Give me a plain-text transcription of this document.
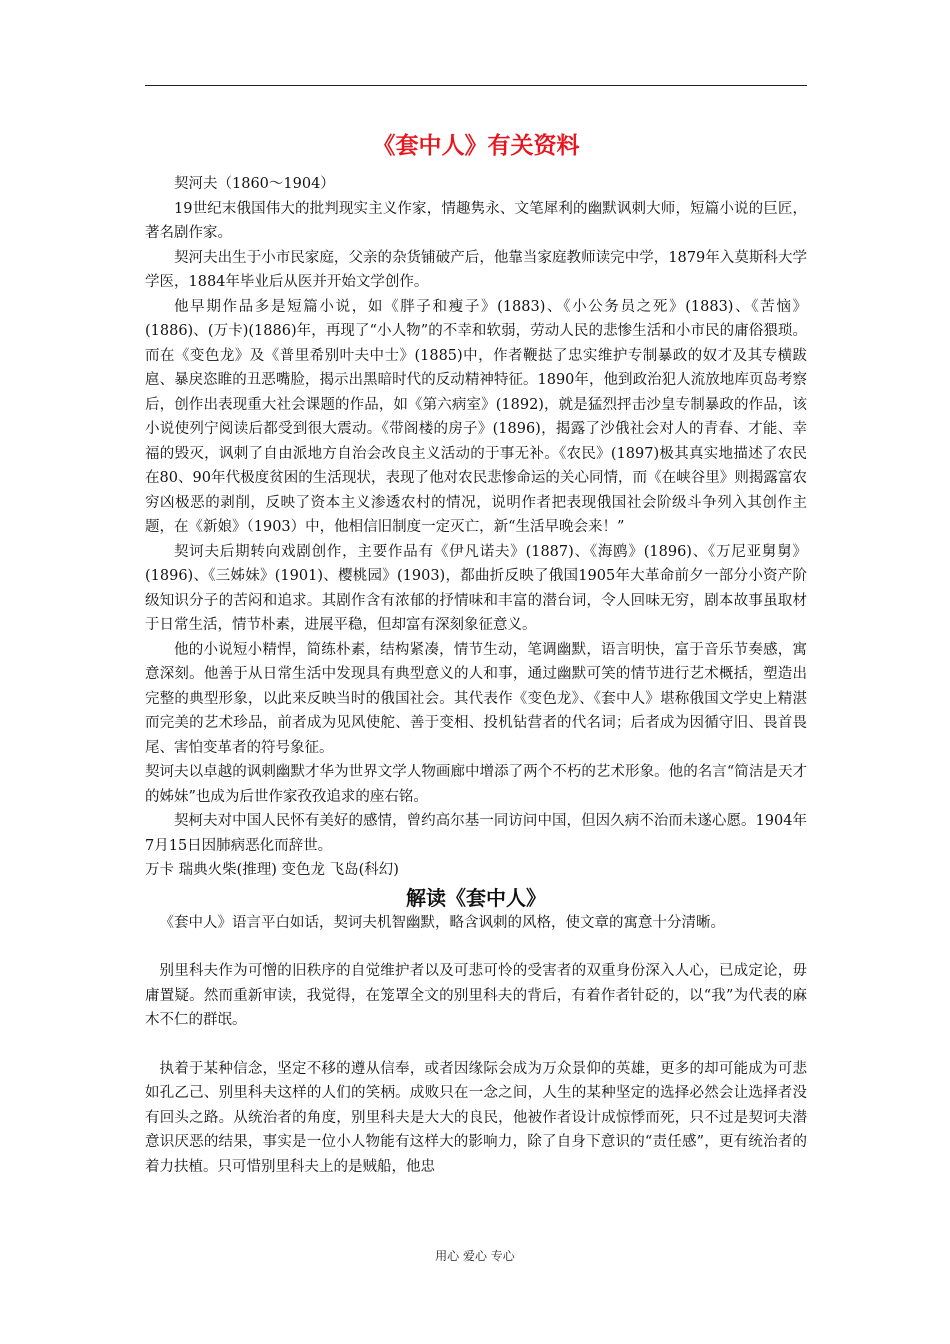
《套中人》有关资料

契河夫（1860～1904）

19世纪末俄国伟大的批判现实主义作家，情趣隽永、文笔犀利的幽默讽刺大师，短篇小说的巨匠，著名剧作家。

契河夫出生于小市民家庭，父亲的杂货铺破产后，他靠当家庭教师读完中学，1879年入莫斯科大学学医，1884年毕业后从医并开始文学创作。

他早期作品多是短篇小说，如《胖子和瘦子》(1883)、《小公务员之死》(1883)、《苦恼》(1886)、(万卡)(1886)年，再现了“小人物”的不幸和软弱，劳动人民的悲惨生活和小市民的庸俗猥琐。而在《变色龙》及《普里希别叶夫中士》(1885)中，作者鞭挞了忠实维护专制暴政的奴才及其专横跋扈、暴戾恣睢的丑恶嘴脸，揭示出黑暗时代的反动精神特征。1890年，他到政治犯人流放地库页岛考察后，创作出表现重大社会课题的作品，如《第六病室》(1892)，就是猛烈抨击沙皇专制暴政的作品，该小说使列宁阅读后都受到很大震动。《带阁楼的房子》(1896)，揭露了沙俄社会对人的青春、才能、幸福的毁灭，讽刺了自由派地方自治会改良主义活动的于事无补。《农民》(1897)极其真实地描述了农民在80、90年代极度贫困的生活现状，表现了他对农民悲惨命运的关心同情，而《在峡谷里》则揭露富农穷凶极恶的剥削，反映了资本主义渗透农村的情况，说明作者把表现俄国社会阶级斗争列入其创作主题，在《新娘》（1903）中，他相信旧制度一定灭亡，新“生活早晚会来！”

契诃夫后期转向戏剧创作，主要作品有《伊凡诺夫》(1887)、《海鸥》(1896)、《万尼亚舅舅》(1896)、《三姊妹》(1901)、樱桃园》(1903)，都曲折反映了俄国1905年大革命前夕一部分小资产阶级知识分子的苦闷和追求。其剧作含有浓郁的抒情味和丰富的潜台词，令人回味无穷，剧本故事虽取材于日常生活，情节朴素，进展平稳，但却富有深刻象征意义。

他的小说短小精悍，简练朴素，结构紧凑，情节生动，笔调幽默，语言明快，富于音乐节奏感，寓意深刻。他善于从日常生活中发现具有典型意义的人和事，通过幽默可笑的情节进行艺术概括，塑造出完整的典型形象，以此来反映当时的俄国社会。其代表作《变色龙》、《套中人》堪称俄国文学史上精湛而完美的艺术珍品，前者成为见风使舵、善于变相、投机钻营者的代名词；后者成为因循守旧、畏首畏尾、害怕变革者的符号象征。

契诃夫以卓越的讽刺幽默才华为世界文学人物画廊中增添了两个不朽的艺术形象。他的名言“简洁是天才的姊妹”也成为后世作家孜孜追求的座右铭。

契柯夫对中国人民怀有美好的感情，曾约高尔基一同访问中国，但因久病不治而未遂心愿。1904年7月15日因肺病恶化而辞世。

万卡 瑞典火柴(推理) 变色龙 飞岛(科幻)

解读《套中人》

《套中人》语言平白如话，契诃夫机智幽默，略含讽刺的风格，使文章的寓意十分清晰。

别里科夫作为可憎的旧秩序的自觉维护者以及可悲可怜的受害者的双重身份深入人心，已成定论，毋庸置疑。然而重新审读，我觉得，在笼罩全文的别里科夫的背后，有着作者针砭的，以“我”为代表的麻木不仁的群氓。

执着于某种信念，坚定不移的遵从信奉，或者因缘际会成为万众景仰的英雄，更多的却可能成为可悲如孔乙己、别里科夫这样的人们的笑柄。成败只在一念之间，人生的某种坚定的选择必然会让选择者没有回头之路。从统治者的角度，别里科夫是大大的良民，他被作者设计成惊悸而死，只不过是契诃夫潜意识厌恶的结果，事实是一位小人物能有这样大的影响力，除了自身下意识的“责任感”，更有统治者的着力扶植。只可惜别里科夫上的是贼船，他忠

用心 爱心 专心
